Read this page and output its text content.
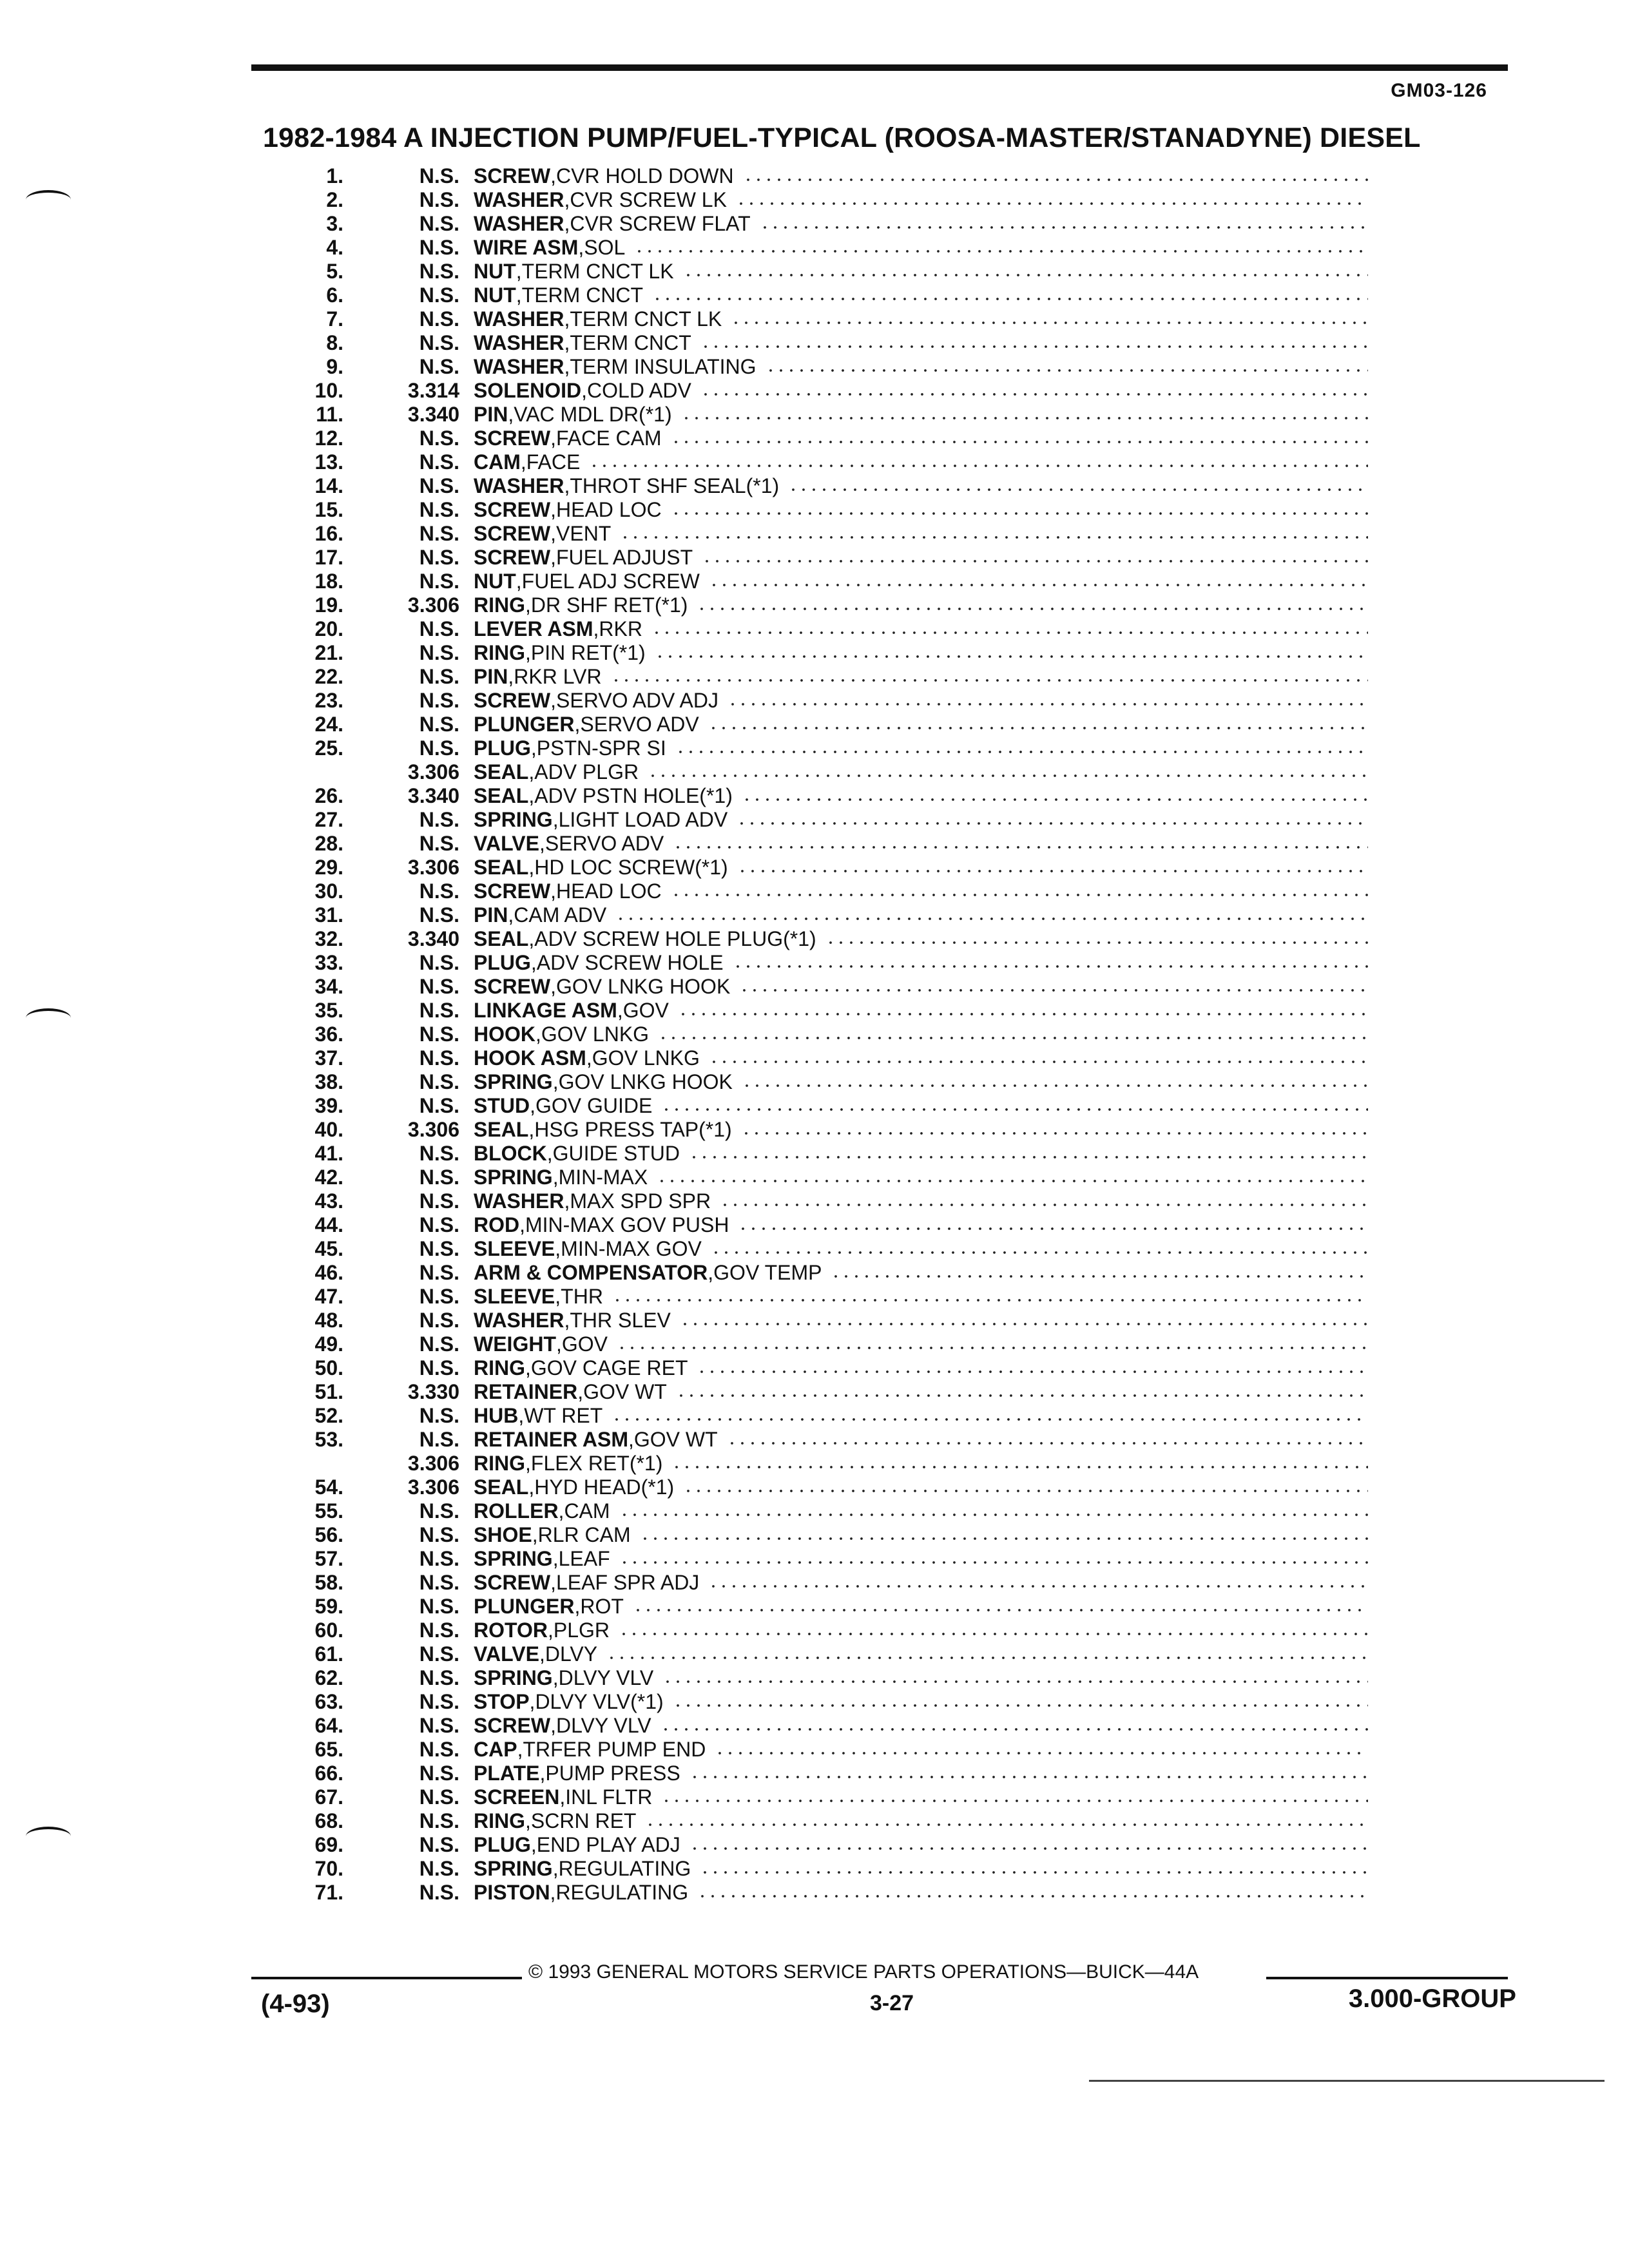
GM03-126
1982-1984 A INJECTION PUMP/FUEL-TYPICAL (ROOSA-MASTER/STANADYNE) DIESEL
1.	N.S. SCREW ,CVR HOLD DOWN
2.	N.S. WASHER ,CVR SCREW LK
3.	N.S. WASHER ,CVR SCREW FLAT
4.	N.S. WIRE ASM ,SOL
5.	N.S. NUT ,TERM CNCT LK
6.	N.S. NUT ,TERM CNCT
7.	N.S. WASHER ,TERM CNCT LK
8.	N.S. WASHER ,TERM CNCT
9.	N.S. WASHER ,TERM INSULATING
10.	3.314 SOLENOID ,COLD ADV
11.	3.340 PIN ,VAC MDL DR(*1)
12.	N.S. SCREW ,FACE CAM
13.	N.S. CAM ,FACE
14.	N.S. WASHER ,THROT SHF SEAL(*1)
15.	N.S. SCREW ,HEAD LOC
16.	N.S. SCREW ,VENT
17.	N.S. SCREW ,FUEL ADJUST
18.	N.S. NUT ,FUEL ADJ SCREW
19.	3.306 RING ,DR SHF RET(*1)
20.	N.S. LEVER ASM ,RKR
21.	N.S. RING ,PIN RET(*1)
22.	N.S. PIN ,RKR LVR
23.	N.S. SCREW ,SERVO ADV ADJ
24.	N.S. PLUNGER ,SERVO ADV
25.	N.S. PLUG ,PSTN-SPR SI
3.306 SEAL ,ADV PLGR
26.	3.340 SEAL ,ADV PSTN HOLE(*1)
27.	N.S. SPRING ,LIGHT LOAD ADV
28.	N.S. VALVE ,SERVO ADV
29.	3.306 SEAL ,HD LOC SCREW(*1)
30.	N.S. SCREW ,HEAD LOC
31.	N.S. PIN ,CAM ADV
32.	3.340 SEAL ,ADV SCREW HOLE PLUG(*1)
33.	N.S. PLUG ,ADV SCREW HOLE
34.	N.S. SCREW ,GOV LNKG HOOK
35.	N.S. LINKAGE ASM ,GOV
36.	N.S. HOOK ,GOV LNKG
37.	N.S. HOOK ASM ,GOV LNKG
38.	N.S. SPRING ,GOV LNKG HOOK
39.	N.S. STUD ,GOV GUIDE
40.	3.306 SEAL ,HSG PRESS TAP(*1)
41.	N.S. BLOCK ,GUIDE STUD
42.	N.S. SPRING ,MIN-MAX
43.	N.S. WASHER ,MAX SPD SPR
44.	N.S. ROD ,MIN-MAX GOV PUSH
45.	N.S. SLEEVE ,MIN-MAX GOV
46.	N.S. ARM & COMPENSATOR ,GOV TEMP
47.	N.S. SLEEVE ,THR
48.	N.S. WASHER ,THR SLEV
49.	N.S. WEIGHT ,GOV
50.	N.S. RING ,GOV CAGE RET
51.	3.330 RETAINER ,GOV WT
52.	N.S. HUB ,WT RET
53.	N.S. RETAINER ASM ,GOV WT
3.306 RING ,FLEX RET(*1)
54.	3.306 SEAL ,HYD HEAD(*1)
55.	N.S. ROLLER ,CAM
56.	N.S. SHOE ,RLR CAM
57.	N.S. SPRING ,LEAF
58.	N.S. SCREW ,LEAF SPR ADJ
59.	N.S. PLUNGER ,ROT
60.	N.S. ROTOR ,PLGR
61.	N.S. VALVE ,DLVY
62.	N.S. SPRING ,DLVY VLV
63.	N.S. STOP ,DLVY VLV(*1)
64.	N.S. SCREW ,DLVY VLV
65.	N.S. CAP ,TRFER PUMP END
66.	N.S. PLATE ,PUMP PRESS
67.	N.S. SCREEN ,INL FLTR
68.	N.S. RING ,SCRN RET
69.	N.S. PLUG ,END PLAY ADJ
70.	N.S. SPRING ,REGULATING
71.	N.S. PISTON ,REGULATING
© 1993 GENERAL MOTORS SERVICE PARTS OPERATIONS—BUICK—44A
(4-93)	3-27	3.000-GROUP
